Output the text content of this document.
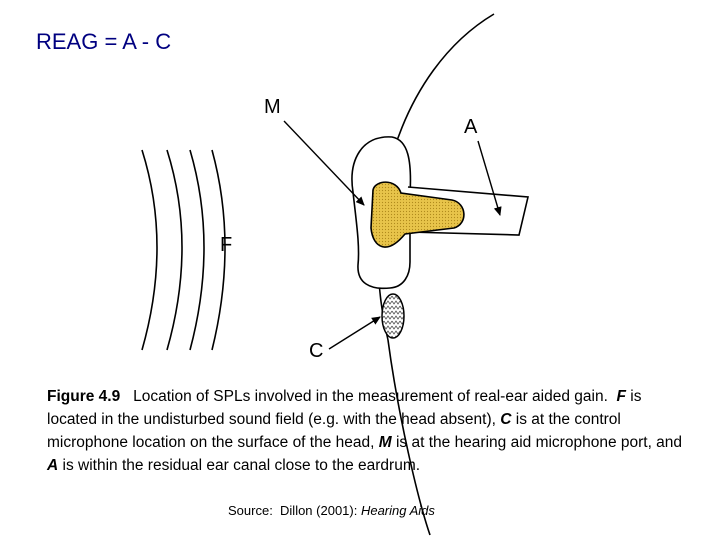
REAG = A - C
M
A
F
C
Figure 4.9   Location of SPLs involved in the measurement of real-ear aided gain.  F is located in the undisturbed sound field (e.g. with the head absent), C is at the control microphone location on the surface of the head, M is at the hearing aid microphone port, and A is within the residual ear canal close to the eardrum.
Source:  Dillon (2001): Hearing Aids
